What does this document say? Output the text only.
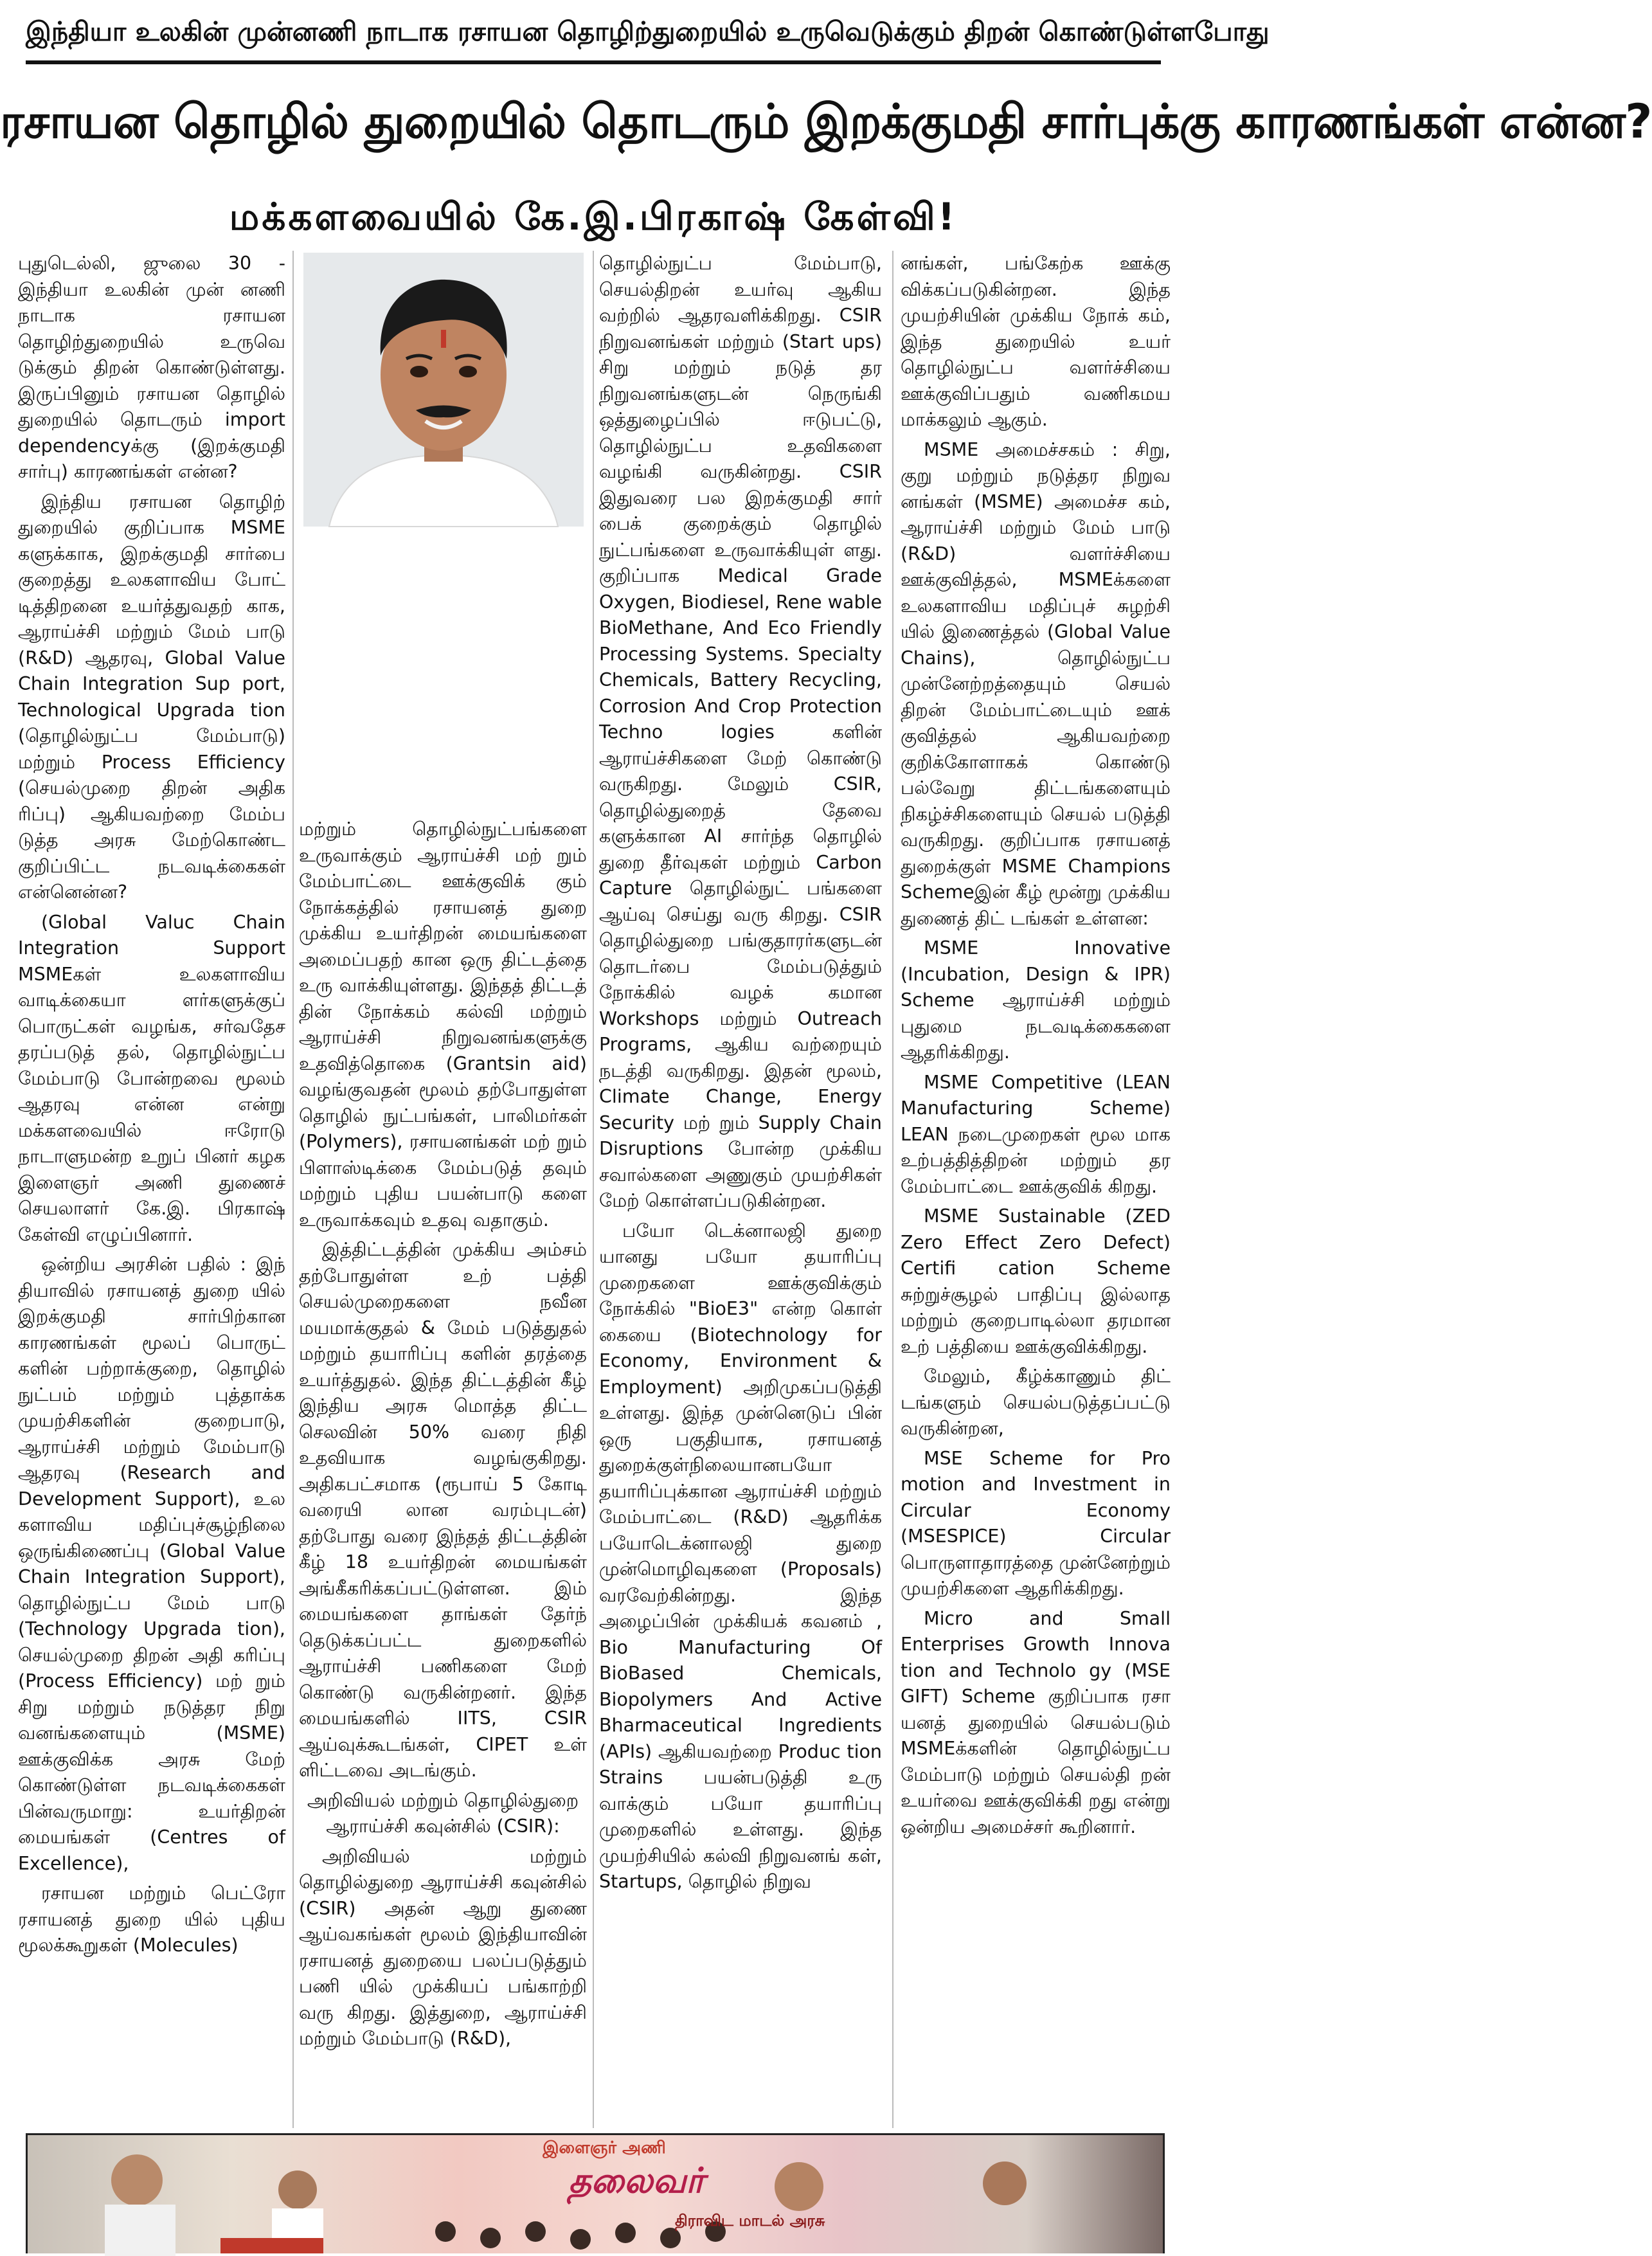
இந்தியா உலகின் முன்னணி நாடாக ரசாயன தொழிற்துறையில் உருவெடுக்கும் திறன் கொண்டுள்ளபோது
ரசாயன தொழில் துறையில் தொடரும் இறக்குமதி சார்புக்கு காரணங்கள் என்ன?
மக்களவையில் கே.இ.பிரகாஷ் கேள்வி!

புதுடெல்லி, ஜுலை 30 - இந்தியா உலகின் முன் னணி நாடாக ரசாயன தொழிற்துறையில் உருவெ டுக்கும் திறன் கொண்டுள்ளது. இருப்பினும் ரசாயன தொழில் துறையில் தொடரும் import dependencyக்கு (இறக்குமதி சார்பு) காரணங்கள் என்ன?

இந்திய ரசாயன தொழிற் துறையில் குறிப்பாக MSME களுக்காக, இறக்குமதி சார்பை குறைத்து உலகளாவிய போட் டித்திறனை உயர்த்துவதற் காக, ஆராய்ச்சி மற்றும் மேம் பாடு (R&D) ஆதரவு, Global Value Chain Integration Sup port, Technological Upgrada tion (தொழில்நுட்ப மேம்பாடு) மற்றும் Process Efficiency (செயல்முறை திறன் அதிக ரிப்பு) ஆகியவற்றை மேம்ப டுத்த அரசு மேற்கொண்ட குறிப்பிட்ட நடவடிக்கைகள் என்னென்ன?

(Global Valuc Chain Integration Support MSMEகள் உலகளாவிய வாடிக்கையா ளர்களுக்குப் பொருட்கள் வழங்க, சர்வதேச தரப்படுத் தல், தொழில்நுட்ப மேம்பாடு போன்றவை மூலம் ஆதரவு என்ன என்று மக்களவையில் ஈரோடு நாடாளுமன்ற உறுப் பினர் கழக இளைஞர் அணி துணைச் செயலாளர் கே.இ. பிரகாஷ் கேள்வி எழுப்பினார்.

ஒன்றிய அரசின் பதில் : இந் தியாவில் ரசாயனத் துறை யில் இறக்குமதி சார்பிற்கான காரணங்கள் மூலப் பொருட் களின் பற்றாக்குறை, தொழில் நுட்பம் மற்றும் புத்தாக்க முயற்சிகளின் குறைபாடு, ஆராய்ச்சி மற்றும் மேம்பாடு ஆதரவு (Research and Development Support), உல களாவிய மதிப்புச்சூழ்நிலை ஒருங்கிணைப்பு (Global Value Chain Integration Support), தொழில்நுட்ப மேம் பாடு (Technology Upgrada tion), செயல்முறை திறன் அதி கரிப்பு (Process Efficiency) மற் றும் சிறு மற்றும் நடுத்தர நிறு வனங்களையும் (MSME) ஊக்குவிக்க அரசு மேற் கொண்டுள்ள நடவடிக்கைகள் பின்வருமாறு: உயர்திறன் மையங்கள் (Centres of Excellence),

ரசாயன மற்றும் பெட்ரோ ரசாயனத் துறை யில் புதிய மூலக்கூறுகள் (Molecules)

மற்றும் தொழில்நுட்பங்களை உருவாக்கும் ஆராய்ச்சி மற் றும் மேம்பாட்டை ஊக்குவிக் கும் நோக்கத்தில் ரசாயனத் துறை முக்கிய உயர்திறன் மையங்களை அமைப்பதற் கான ஒரு திட்டத்தை உரு வாக்கியுள்ளது. இந்தத் திட்டத் தின் நோக்கம் கல்வி மற்றும் ஆராய்ச்சி நிறுவனங்களுக்கு உதவித்தொகை (Grantsin aid) வழங்குவதன் மூலம் தற்போதுள்ள தொழில் நுட்பங்கள், பாலிமர்கள் (Polymers), ரசாயனங்கள் மற் றும் பிளாஸ்டிக்கை மேம்படுத் தவும் மற்றும் புதிய பயன்பாடு களை உருவாக்கவும் உதவு வதாகும்.

இத்திட்டத்தின் முக்கிய அம்சம் தற்போதுள்ள உற் பத்தி செயல்முறைகளை நவீன மயமாக்குதல் & மேம் படுத்துதல் மற்றும் தயாரிப்பு களின் தரத்தை உயர்த்துதல். இந்த திட்டத்தின் கீழ் இந்திய அரசு மொத்த திட்ட செலவின் 50% வரை நிதி உதவியாக வழங்குகிறது. அதிகபட்சமாக (ரூபாய் 5 கோடி வரையி லான வரம்புடன்) தற்போது வரை இந்தத் திட்டத்தின் கீழ் 18 உயர்திறன் மையங்கள் அங்கீகரிக்கப்பட்டுள்ளன. இம் மையங்களை தாங்கள் தேர்ந் தெடுக்கப்பட்ட துறைகளில் ஆராய்ச்சி பணிகளை மேற் கொண்டு வருகின்றனர். இந்த மையங்களில் IITS, CSIR ஆய்வுக்கூடங்கள், CIPET உள் ளிட்டவை அடங்கும்.

அறிவியல் மற்றும் தொழில்துறை ஆராய்ச்சி கவுன்சில் (CSIR):

அறிவியல் மற்றும் தொழில்துறை ஆராய்ச்சி கவுன்சில் (CSIR) அதன் ஆறு துணை ஆய்வகங்கள் மூலம் இந்தியாவின் ரசாயனத் துறையை பலப்படுத்தும் பணி யில் முக்கியப் பங்காற்றி வரு கிறது. இத்துறை, ஆராய்ச்சி மற்றும் மேம்பாடு (R&D),

தொழில்நுட்ப மேம்பாடு, செயல்திறன் உயர்வு ஆகிய வற்றில் ஆதரவளிக்கிறது. CSIR நிறுவனங்கள் மற்றும் (Start ups) சிறு மற்றும் நடுத் தர நிறுவனங்களுடன் நெருங்கி ஒத்துழைப்பில் ஈடுபட்டு, தொழில்நுட்ப உதவிகளை வழங்கி வருகின்றது. CSIR இதுவரை பல இறக்குமதி சார் பைக் குறைக்கும் தொழில் நுட்பங்களை உருவாக்கியுள் ளது. குறிப்பாக Medical Grade Oxygen, Biodiesel, Rene wable BioMethane, And Eco Friendly Processing Systems. Specialty Chemicals, Battery Recycling, Corrosion And Crop Protection Techno logies களின் ஆராய்ச்சிகளை மேற் கொண்டு வருகிறது. மேலும் CSIR, தொழில்துறைத் தேவை களுக்கான AI சார்ந்த தொழில் துறை தீர்வுகள் மற்றும் Carbon Capture தொழில்நுட் பங்களை ஆய்வு செய்து வரு கிறது. CSIR தொழில்துறை பங்குதாரர்களுடன் தொடர்பை மேம்படுத்தும் நோக்கில் வழக் கமான Workshops மற்றும் Outreach Programs, ஆகிய வற்றையும் நடத்தி வருகிறது. இதன் மூலம், Climate Change, Energy Security மற் றும் Supply Chain Disruptions போன்ற முக்கிய சவால்களை அணுகும் முயற்சிகள் மேற் கொள்ளப்படுகின்றன.

பயோ டெக்னாலஜி துறை யானது பயோ தயாரிப்பு முறைகளை ஊக்குவிக்கும் நோக்கில் "BioE3" என்ற கொள் கையை (Biotechnology for Economy, Environment & Employment) அறிமுகப்படுத்தி உள்ளது. இந்த முன்னெடுப் பின் ஒரு பகுதியாக, ரசாயனத் துறைக்குள்நிலையானபயோ தயாரிப்புக்கான ஆராய்ச்சி மற்றும் மேம்பாட்டை (R&D) ஆதரிக்க பயோடெக்னாலஜி துறை முன்மொழிவுகளை (Proposals) வரவேற்கின்றது. இந்த அழைப்பின் முக்கியக் கவனம் , Bio Manufacturing Of BioBased Chemicals, Biopolymers And Active Bharmaceutical Ingredients (APIs) ஆகியவற்றை Produc tion Strains பயன்படுத்தி உரு வாக்கும் பயோ தயாரிப்பு முறைகளில் உள்ளது. இந்த முயற்சியில் கல்வி நிறுவனங் கள், Startups, தொழில் நிறுவ

னங்கள், பங்கேற்க ஊக்கு விக்கப்படுகின்றன. இந்த முயற்சியின் முக்கிய நோக் கம், இந்த துறையில் உயர் தொழில்நுட்ப வளர்ச்சியை ஊக்குவிப்பதும் வணிகமய மாக்கலும் ஆகும்.

MSME அமைச்சகம் : சிறு, குறு மற்றும் நடுத்தர நிறுவ னங்கள் (MSME) அமைச்ச கம், ஆராய்ச்சி மற்றும் மேம் பாடு (R&D) வளர்ச்சியை ஊக்குவித்தல், MSMEக்களை உலகளாவிய மதிப்புச் சுழற்சி யில் இணைத்தல் (Global Value Chains), தொழில்நுட்ப முன்னேற்றத்தையும் செயல் திறன் மேம்பாட்டையும் ஊக் குவித்தல் ஆகியவற்றை குறிக்கோளாகக் கொண்டு பல்வேறு திட்டங்களையும் நிகழ்ச்சிகளையும் செயல் படுத்தி வருகிறது. குறிப்பாக ரசாயனத் துறைக்குள் MSME Champions Schemeஇன் கீழ் மூன்று முக்கிய துணைத் திட் டங்கள் உள்ளன:

MSME Innovative (Incubation, Design & IPR) Scheme ஆராய்ச்சி மற்றும் புதுமை நடவடிக்கைகளை ஆதரிக்கிறது.

MSME Competitive (LEAN Manufacturing Scheme) LEAN நடைமுறைகள் மூல மாக உற்பத்தித்திறன் மற்றும் தர மேம்பாட்டை ஊக்குவிக் கிறது.

MSME Sustainable (ZED Zero Effect Zero Defect) Certifi cation Scheme சுற்றுச்சூழல் பாதிப்பு இல்லாத மற்றும் குறைபாடில்லா தரமான உற் பத்தியை ஊக்குவிக்கிறது.

மேலும், கீழ்க்காணும் திட் டங்களும் செயல்படுத்தப்பட்டு வருகின்றன,

MSE Scheme for Pro motion and Investment in Circular Economy (MSESPICE) Circular பொருளாதாரத்தை முன்னேற்றும் முயற்சிகளை ஆதரிக்கிறது.

Micro and Small Enterprises Growth Innova tion and Technolo gy (MSE GIFT) Scheme குறிப்பாக ரசா யனத் துறையில் செயல்படும் MSMEக்களின் தொழில்நுட்ப மேம்பாடு மற்றும் செயல்தி றன் உயர்வை ஊக்குவிக்கி றது என்று ஒன்றிய அமைச்சர் கூறினார்.

இளைஞர் அணி
தலைவர்
திராவிட மாடல் அரசு
